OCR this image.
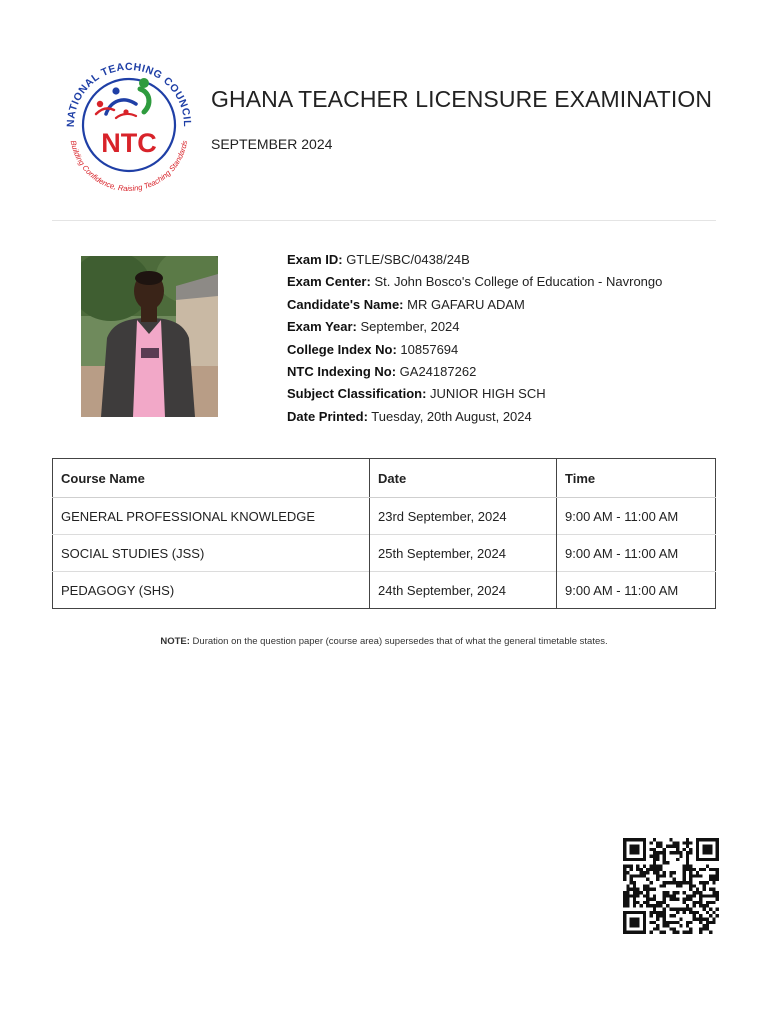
NATIONAL TEACHING COUNCIL
Building Confidence, Raising Teaching Standards
NTC
GHANA TEACHER LICENSURE EXAMINATION
SEPTEMBER 2024
Exam ID: GTLE/SBC/0438/24B
Exam Center: St. John Bosco's College of Education - Navrongo
Candidate's Name: MR GAFARU ADAM
Exam Year: September, 2024
College Index No: 10857694
NTC Indexing No: GA24187262
Subject Classification: JUNIOR HIGH SCH
Date Printed: Tuesday, 20th August, 2024
Course Name	Date	Time
GENERAL PROFESSIONAL KNOWLEDGE	23rd September, 2024	9:00 AM - 11:00 AM
SOCIAL STUDIES (JSS)	25th September, 2024	9:00 AM - 11:00 AM
PEDAGOGY (SHS)	24th September, 2024	9:00 AM - 11:00 AM
NOTE: Duration on the question paper (course area) supersedes that of what the general timetable states.
